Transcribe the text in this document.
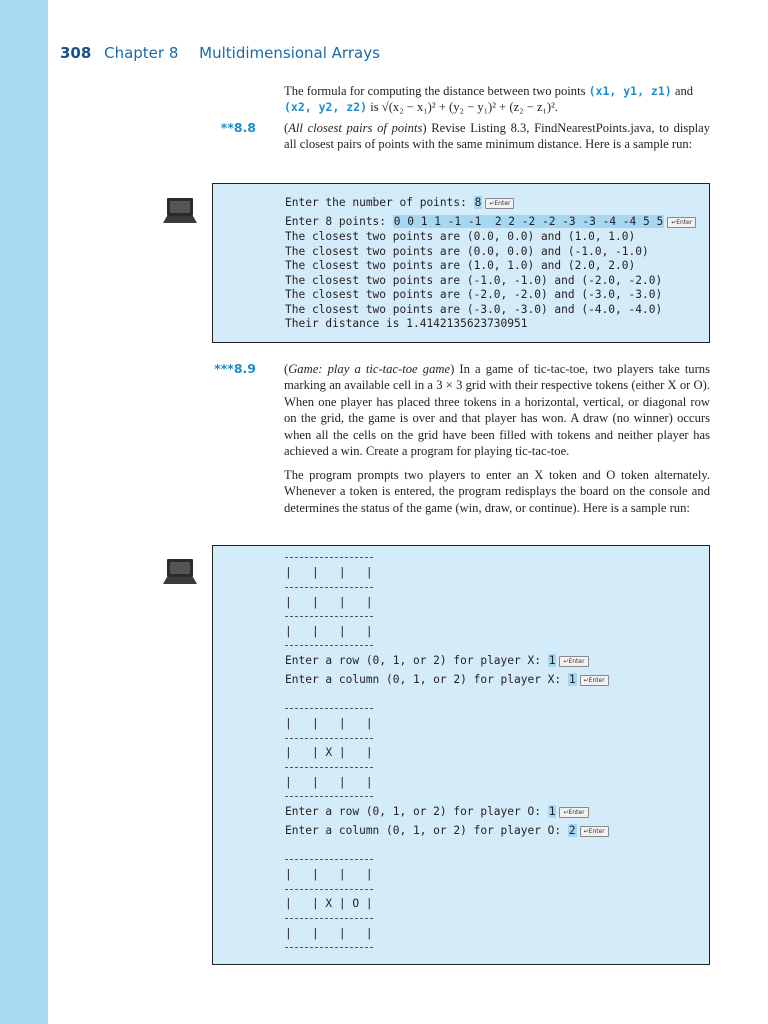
308 Chapter 8 Multidimensional Arrays
The formula for computing the distance between two points (x1, y1, z1) and
(x2, y2, z2) is √(x₂ − x₁)² + (y₂ − y₁)² + (z₂ − z₁)².
**8.8 (All closest pairs of points) Revise Listing 8.3, FindNearestPoints.java, to display all closest pairs of points with the same minimum distance. Here is a sample run:
Enter the number of points: 8 ↵Enter
Enter 8 points: 0 0 1 1 -1 -1  2 2 -2 -2 -3 -3 -4 -4 5 5 ↵Enter
The closest two points are (0.0, 0.0) and (1.0, 1.0)
The closest two points are (0.0, 0.0) and (-1.0, -1.0)
The closest two points are (1.0, 1.0) and (2.0, 2.0)
The closest two points are (-1.0, -1.0) and (-2.0, -2.0)
The closest two points are (-2.0, -2.0) and (-3.0, -3.0)
The closest two points are (-3.0, -3.0) and (-4.0, -4.0)
Their distance is 1.4142135623730951
***8.9 (Game: play a tic-tac-toe game) In a game of tic-tac-toe, two players take turns marking an available cell in a 3 × 3 grid with their respective tokens (either X or O). When one player has placed three tokens in a horizontal, vertical, or diagonal row on the grid, the game is over and that player has won. A draw (no winner) occurs when all the cells on the grid have been filled with tokens and neither player has achieved a win. Create a program for playing tic-tac-toe.
The program prompts two players to enter an X token and O token alternately. Whenever a token is entered, the program redisplays the board on the console and determines the status of the game (win, draw, or continue). Here is a sample run:
|   |   |   |
|   |   |   |
|   |   |   |
Enter a row (0, 1, or 2) for player X: 1 ↵Enter
Enter a column (0, 1, or 2) for player X: 1 ↵Enter
|   |   |   |
|   | X |   |
|   |   |   |
Enter a row (0, 1, or 2) for player O: 1 ↵Enter
Enter a column (0, 1, or 2) for player O: 2 ↵Enter
|   |   |   |
|   | X | O |
|   |   |   |
